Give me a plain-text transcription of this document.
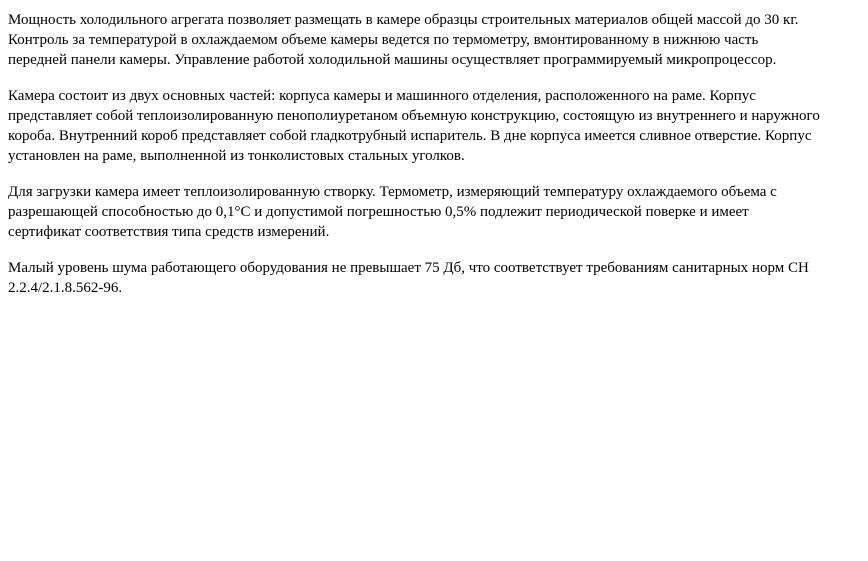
Мощность холодильного агрегата позволяет размещать в камере образцы строительных материалов общей массой до 30 кг. Контроль за температурой в охлаждаемом объеме камеры ведется по термометру, вмонтированному в нижнюю часть передней панели камеры. Управление работой холодильной машины осуществляет программируемый микропроцессор.

Камера состоит из двух основных частей: корпуса камеры и машинного отделения, расположенного на раме. Корпус представляет собой теплоизолированную пенополиуретаном объемную конструкцию, состоящую из внутреннего и наружного короба. Внутренний короб представляет собой гладкотрубный испаритель. В дне корпуса имеется сливное отверстие. Корпус установлен на раме, выполненной из тонколистовых стальных уголков.

Для загрузки камера имеет теплоизолированную створку. Термометр, измеряющий температуру охлаждаемого объема с разрешающей способностью до 0,1°С и допустимой погрешностью 0,5% подлежит периодической поверке и имеет сертификат соответствия типа средств измерений.

Малый уровень шума работающего оборудования не превышает 75 Дб, что соответствует требованиям санитарных норм СН 2.2.4/2.1.8.562-96.
